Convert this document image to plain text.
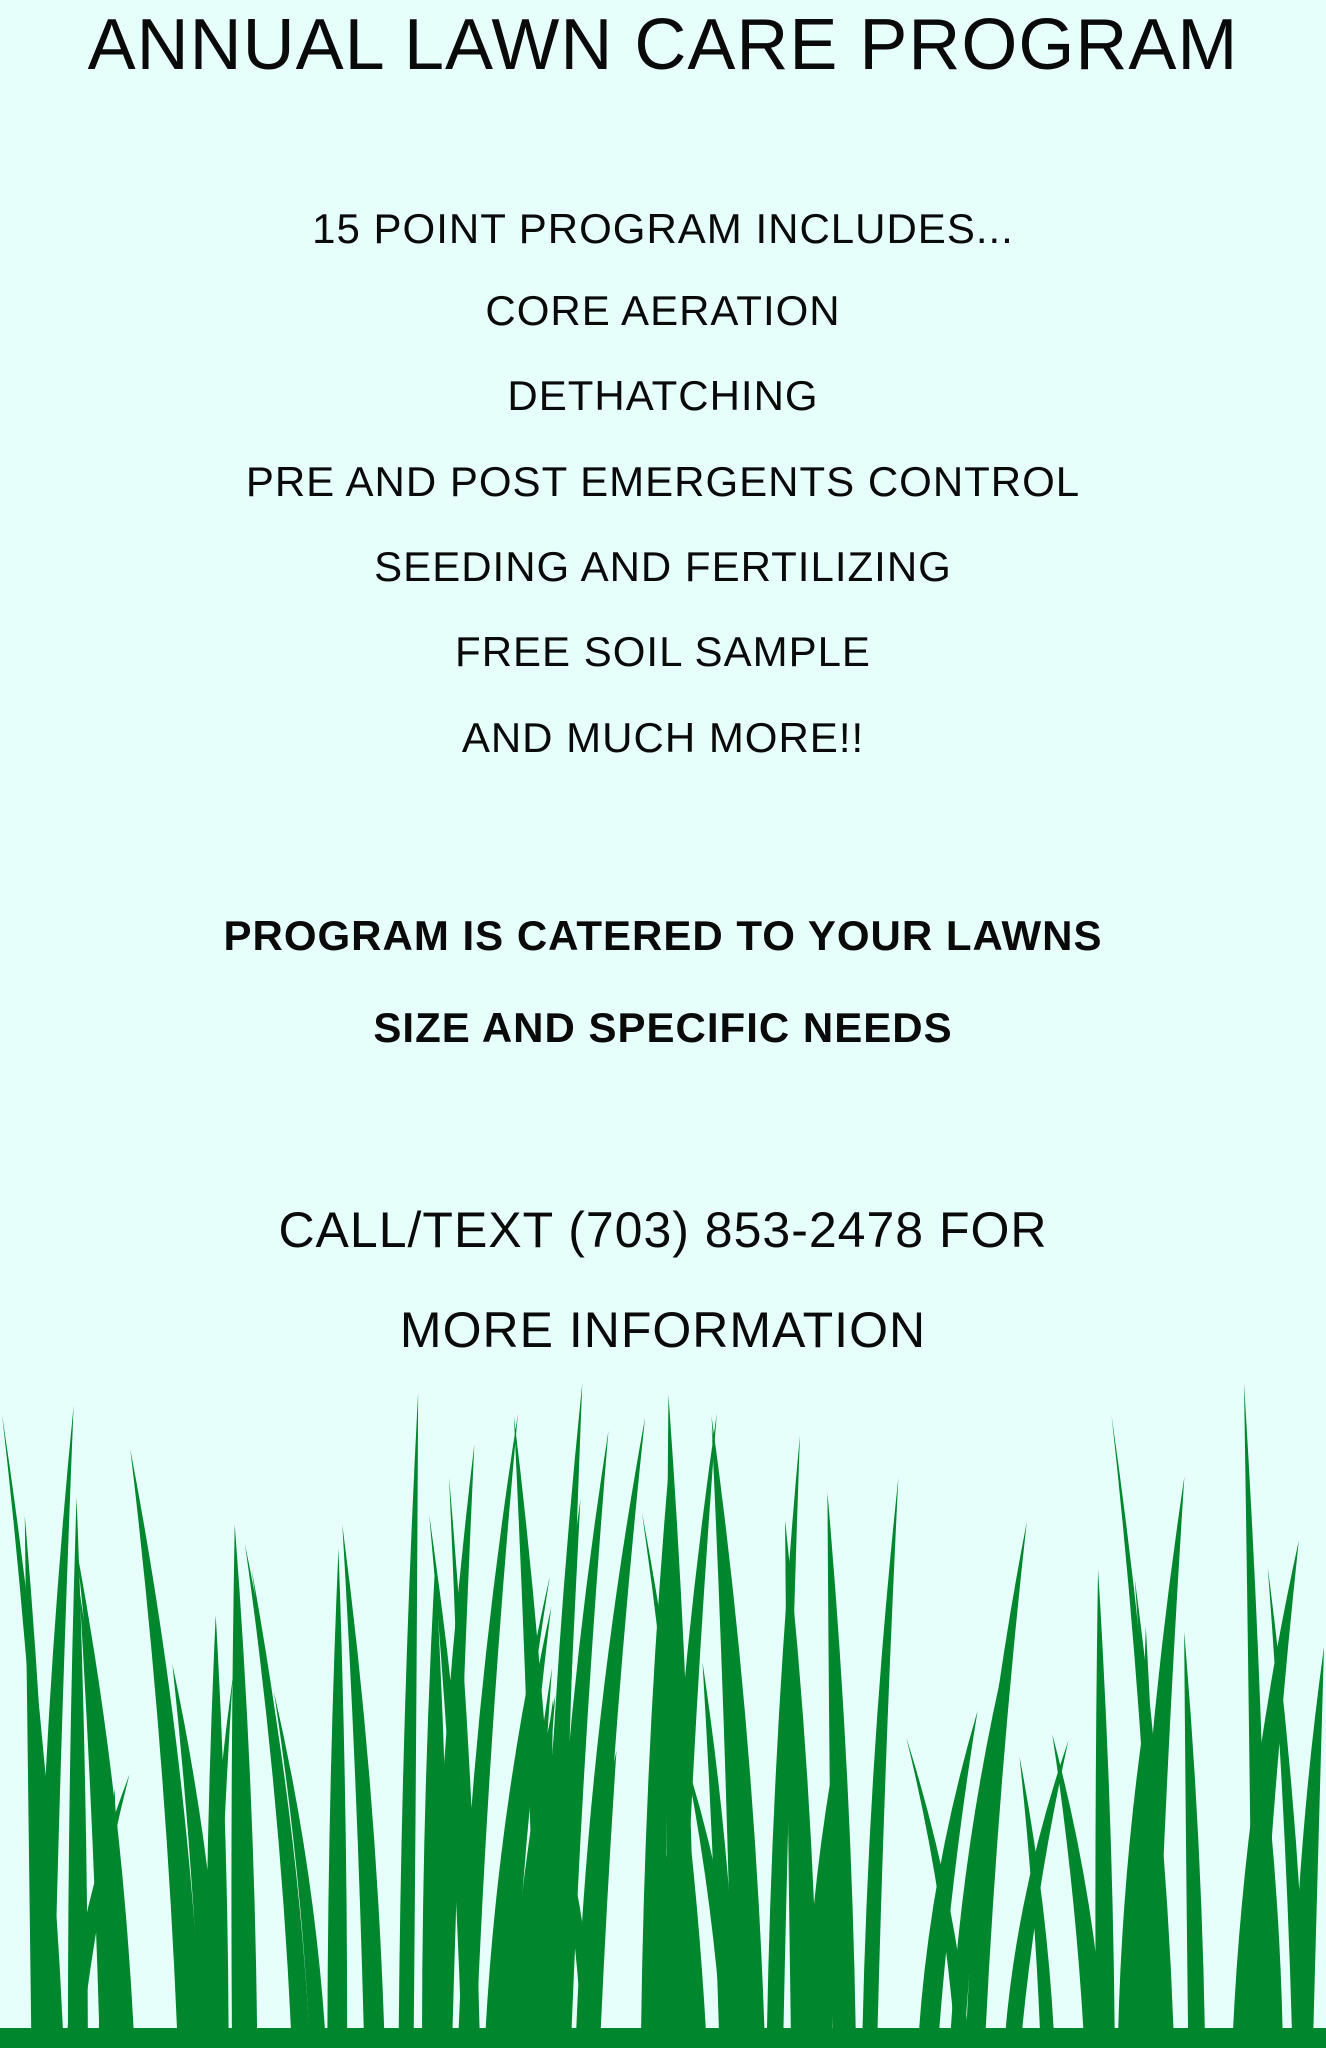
ANNUAL LAWN CARE PROGRAM
15 POINT PROGRAM INCLUDES...
CORE AERATION
DETHATCHING
PRE AND POST EMERGENTS CONTROL
SEEDING AND FERTILIZING
FREE SOIL SAMPLE
AND MUCH MORE!!
PROGRAM IS CATERED TO YOUR LAWNS
SIZE AND SPECIFIC NEEDS
CALL/TEXT (703) 853-2478 FOR
MORE INFORMATION
